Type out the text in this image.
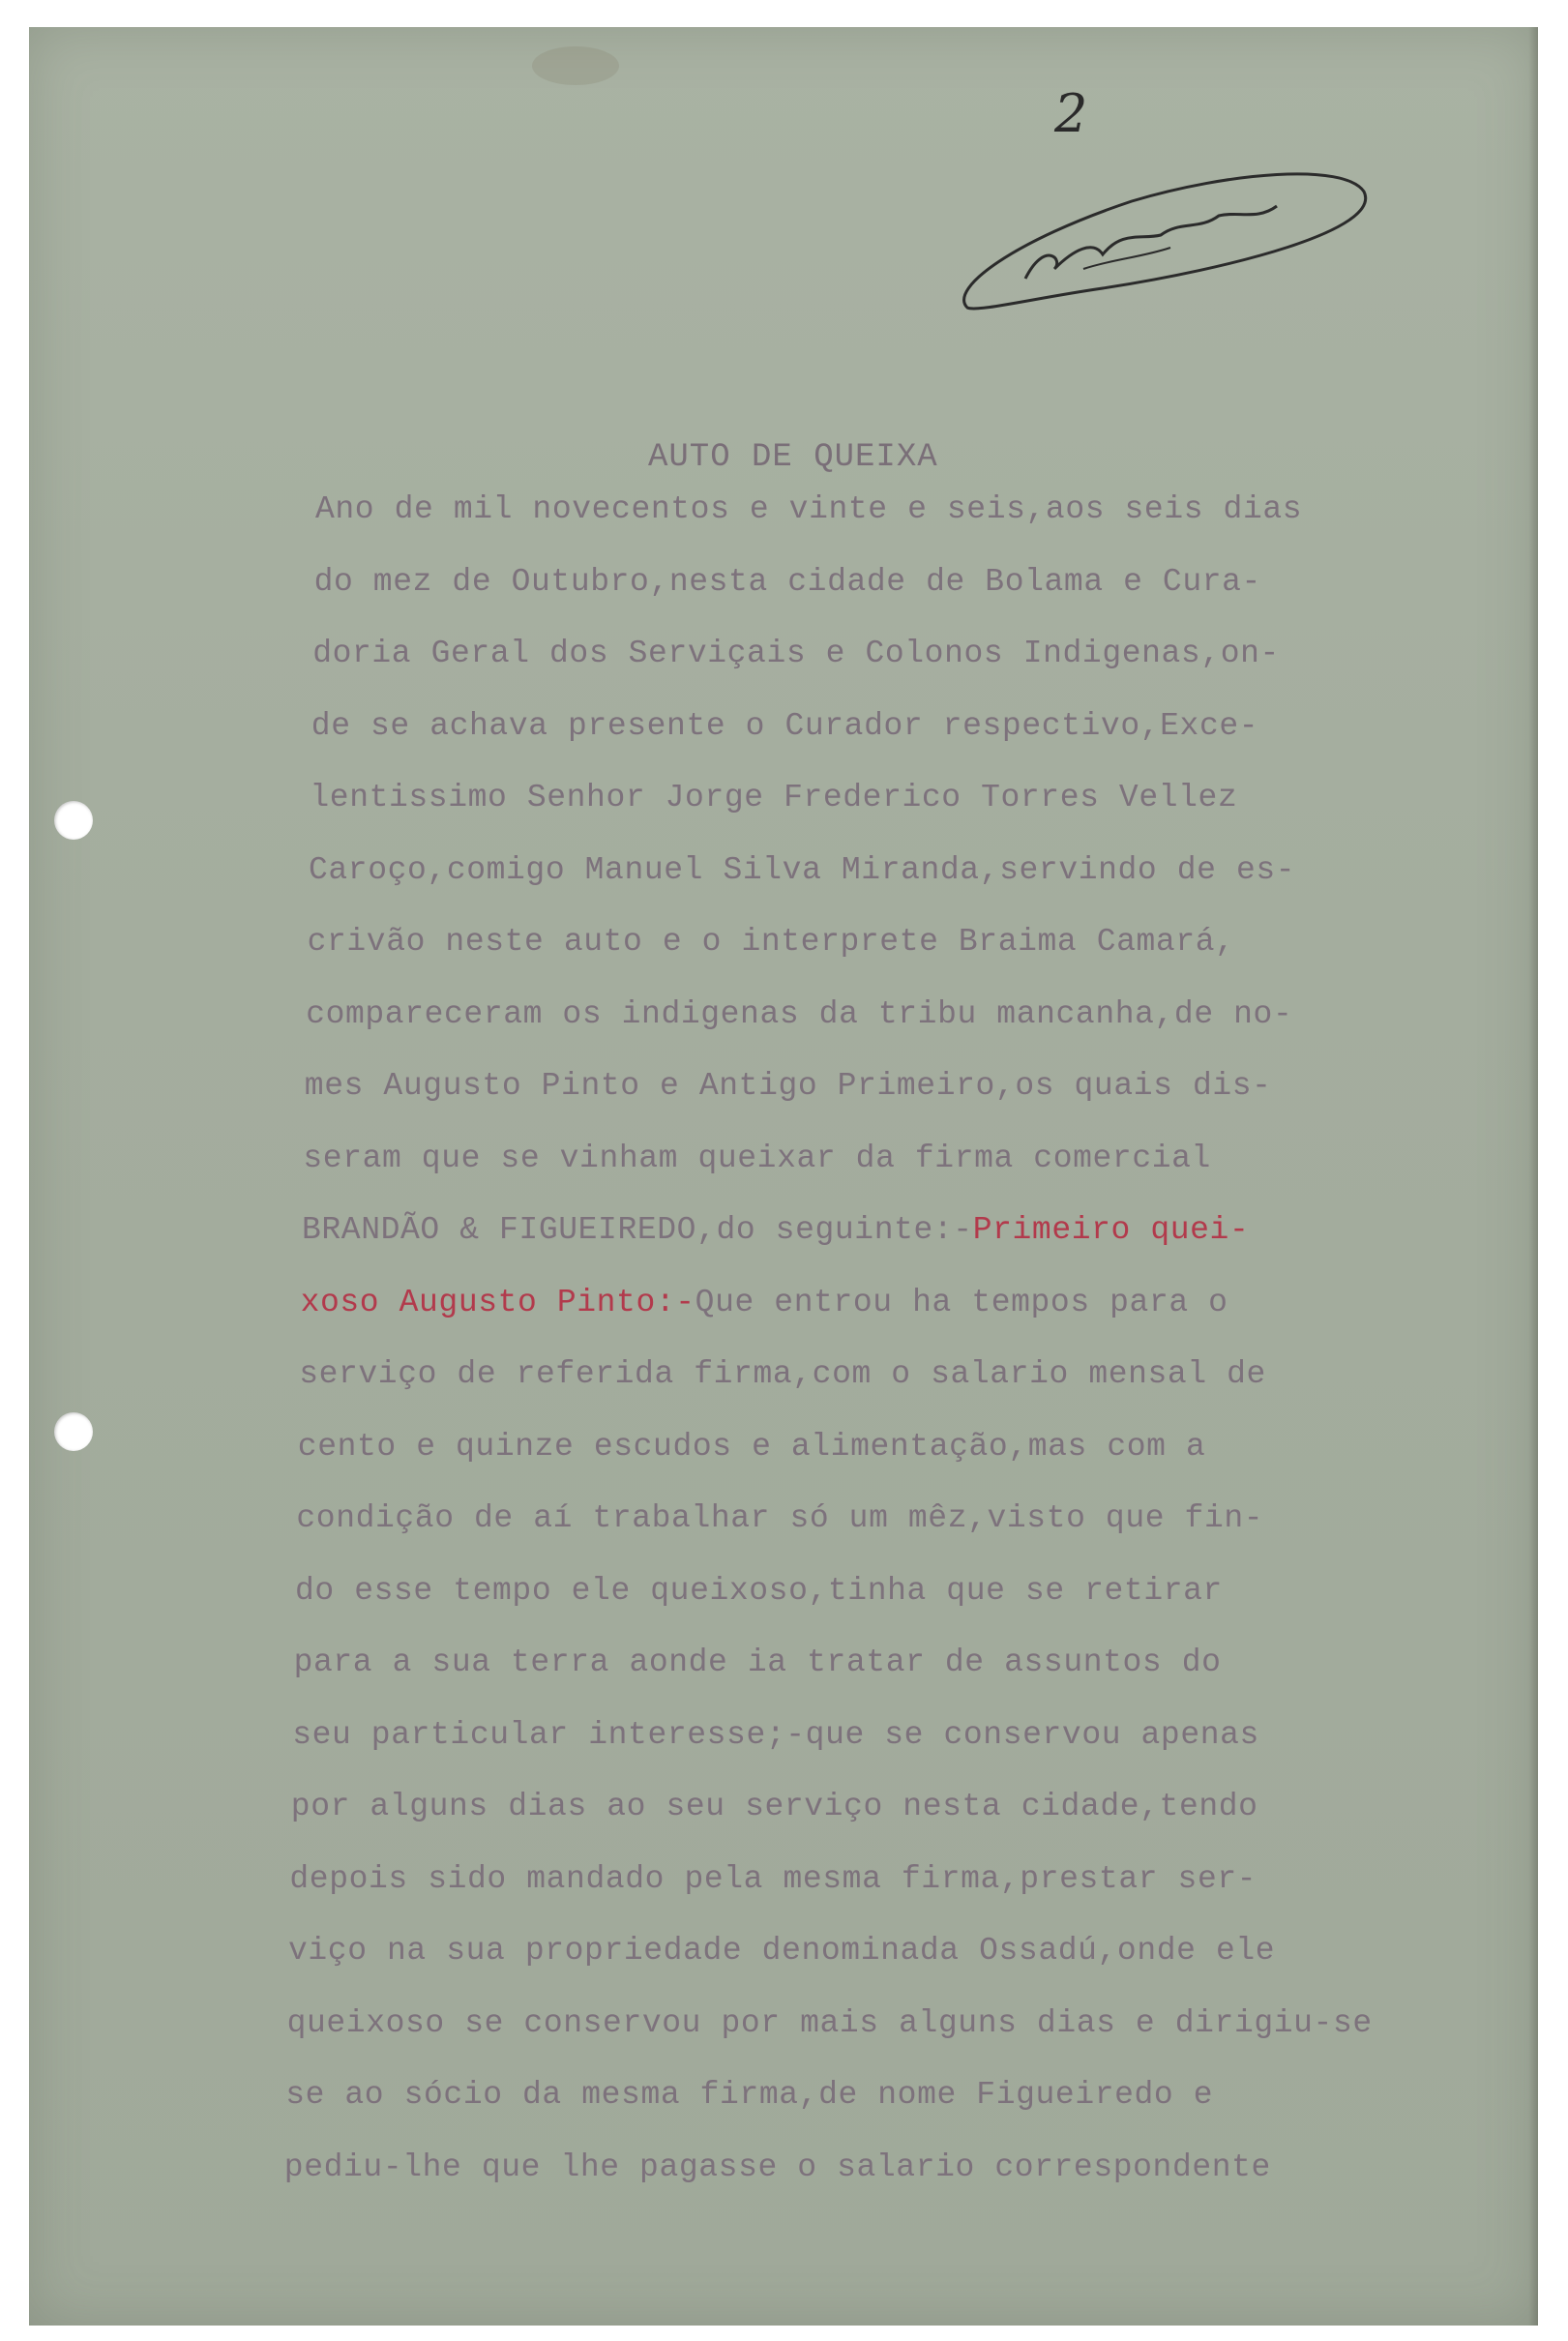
2
AUTO DE QUEIXA
Ano de mil novecentos e vinte e seis,aos seis dias
do mez de Outubro,nesta cidade de Bolama e Cura-
doria Geral dos Serviçais e Colonos Indigenas,on-
de se achava presente o Curador respectivo,Exce-
lentissimo Senhor Jorge Frederico Torres Vellez
Caroço,comigo Manuel Silva Miranda,servindo de es-
crivão neste auto e o interprete Braima Camará,
compareceram os indigenas da tribu mancanha,de no-
mes Augusto Pinto e Antigo Primeiro,os quais dis-
seram que se vinham queixar da firma comercial
BRANDÃO & FIGUEIREDO,do seguinte:-Primeiro quei-
xoso Augusto Pinto:-Que entrou ha tempos para o
serviço de referida firma,com o salario mensal de
cento e quinze escudos e alimentação,mas com a
condição de aí trabalhar só um mêz,visto que fin-
do esse tempo ele queixoso,tinha que se retirar
para a sua terra aonde ia tratar de assuntos do
seu particular interesse;-que se conservou apenas
por alguns dias ao seu serviço nesta cidade,tendo
depois sido mandado pela mesma firma,prestar ser-
viço na sua propriedade denominada Ossadú,onde ele
queixoso se conservou por mais alguns dias e dirigiu-se
se ao sócio da mesma firma,de nome Figueiredo e
pediu-lhe que lhe pagasse o salario correspondente
